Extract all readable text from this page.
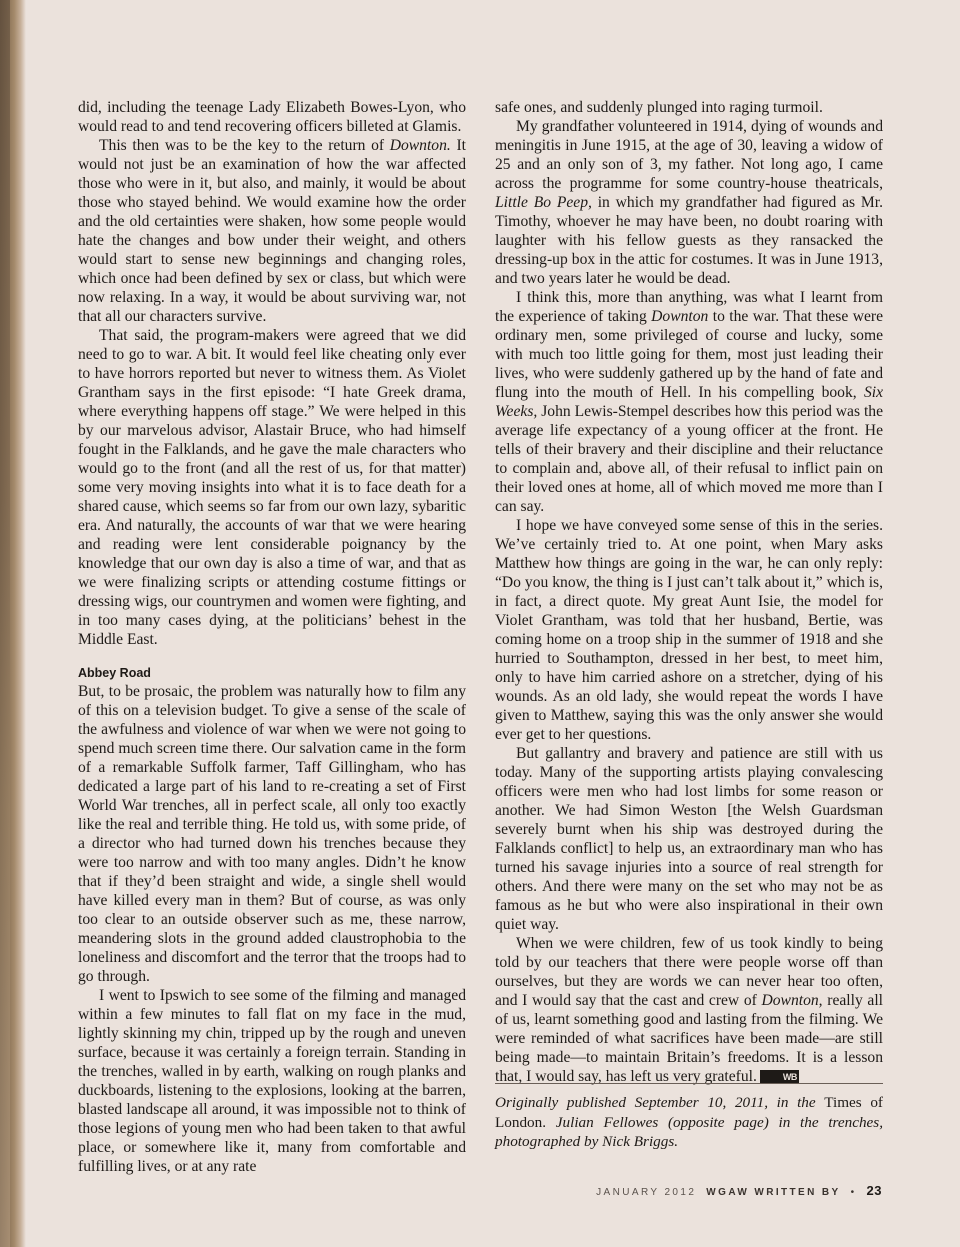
did, including the teenage Lady Elizabeth Bowes-Lyon, who would read to and tend recovering officers billeted at Glamis.

This then was to be the key to the return of Downton. It would not just be an examination of how the war affected those who were in it, but also, and mainly, it would be about those who stayed behind. We would examine how the order and the old certainties were shaken, how some people would hate the changes and bow under their weight, and others would start to sense new beginnings and changing roles, which once had been defined by sex or class, but which were now relaxing. In a way, it would be about surviving war, not that all our characters survive.

That said, the program-makers were agreed that we did need to go to war. A bit. It would feel like cheating only ever to have horrors reported but never to witness them. As Violet Grantham says in the first episode: “I hate Greek drama, where everything happens off stage.” We were helped in this by our marvelous advisor, Alastair Bruce, who had himself fought in the Falklands, and he gave the male characters who would go to the front (and all the rest of us, for that matter) some very moving insights into what it is to face death for a shared cause, which seems so far from our own lazy, sybaritic era. And naturally, the accounts of war that we were hearing and reading were lent considerable poignancy by the knowledge that our own day is also a time of war, and that as we were finalizing scripts or attending costume fittings or dressing wigs, our countrymen and women were fighting, and in too many cases dying, at the politicians’ behest in the Middle East.

Abbey Road

But, to be prosaic, the problem was naturally how to film any of this on a television budget. To give a sense of the scale of the awfulness and violence of war when we were not going to spend much screen time there. Our salvation came in the form of a remarkable Suffolk farmer, Taff Gillingham, who has dedicated a large part of his land to re-creating a set of First World War trenches, all in perfect scale, all only too exactly like the real and terrible thing. He told us, with some pride, of a director who had turned down his trenches because they were too narrow and with too many angles. Didn’t he know that if they’d been straight and wide, a single shell would have killed every man in them? But of course, as was only too clear to an outside observer such as me, these narrow, meandering slots in the ground added claustrophobia to the loneliness and discomfort and the terror that the troops had to go through.

I went to Ipswich to see some of the filming and managed within a few minutes to fall flat on my face in the mud, lightly skinning my chin, tripped up by the rough and uneven surface, because it was certainly a foreign terrain. Standing in the trenches, walled in by earth, walking on rough planks and duckboards, listening to the explosions, looking at the barren, blasted landscape all around, it was impossible not to think of those legions of young men who had been taken to that awful place, or somewhere like it, many from comfortable and fulfilling lives, or at any rate

safe ones, and suddenly plunged into raging turmoil.

My grandfather volunteered in 1914, dying of wounds and meningitis in June 1915, at the age of 30, leaving a widow of 25 and an only son of 3, my father. Not long ago, I came across the programme for some country-house theatricals, Little Bo Peep, in which my grandfather had figured as Mr. Timothy, whoever he may have been, no doubt roaring with laughter with his fellow guests as they ransacked the dressing-up box in the attic for costumes. It was in June 1913, and two years later he would be dead.

I think this, more than anything, was what I learnt from the experience of taking Downton to the war. That these were ordinary men, some privileged of course and lucky, some with much too little going for them, most just leading their lives, who were suddenly gathered up by the hand of fate and flung into the mouth of Hell. In his compelling book, Six Weeks, John Lewis-Stempel describes how this period was the average life expectancy of a young officer at the front. He tells of their bravery and their discipline and their reluctance to complain and, above all, of their refusal to inflict pain on their loved ones at home, all of which moved me more than I can say.

I hope we have conveyed some sense of this in the series. We’ve certainly tried to. At one point, when Mary asks Matthew how things are going in the war, he can only reply: “Do you know, the thing is I just can’t talk about it,” which is, in fact, a direct quote. My great Aunt Isie, the model for Violet Grantham, was told that her husband, Bertie, was coming home on a troop ship in the summer of 1918 and she hurried to Southampton, dressed in her best, to meet him, only to have him carried ashore on a stretcher, dying of his wounds. As an old lady, she would repeat the words I have given to Matthew, saying this was the only answer she would ever get to her questions.

But gallantry and bravery and patience are still with us today. Many of the supporting artists playing convalescing officers were men who had lost limbs for some reason or another. We had Simon Weston [the Welsh Guardsman severely burnt when his ship was destroyed during the Falklands conflict] to help us, an extraordinary man who has turned his savage injuries into a source of real strength for others. And there were many on the set who may not be as famous as he but who were also inspirational in their own quiet way.

When we were children, few of us took kindly to being told by our teachers that there were people worse off than ourselves, but they are words we can never hear too often, and I would say that the cast and crew of Downton, really all of us, learnt something good and lasting from the filming. We were reminded of what sacrifices have been made—are still being made—to maintain Britain’s freedoms. It is a lesson that, I would say, has left us very grateful.	WB

Originally published September 10, 2011, in the Times of London. Julian Fellowes (opposite page) in the trenches, photographed by Nick Briggs.
JANUARY 2012 WGAW WRITTEN BY • 23
